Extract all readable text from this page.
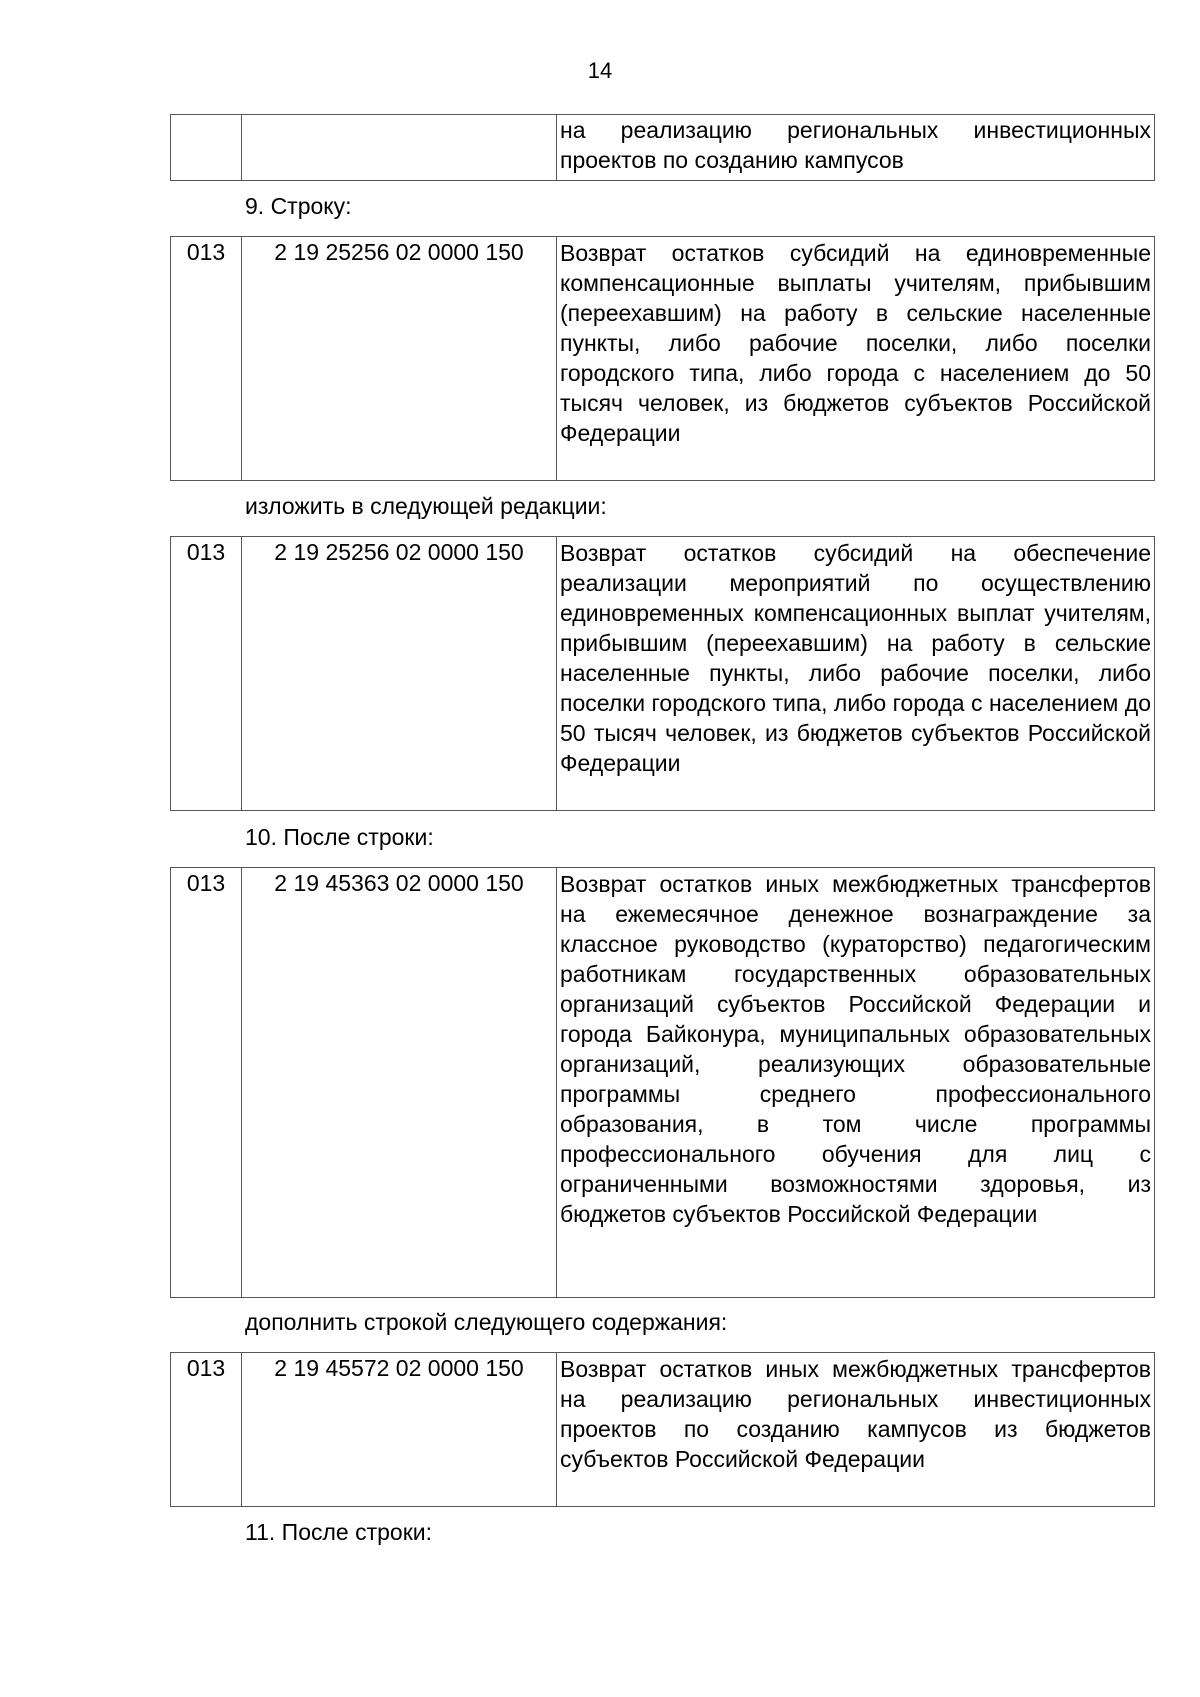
14
		на реализацию региональных инвестиционных проектов по созданию кампусов
9. Строку:
013	2 19 25256 02 0000 150	Возврат остатков субсидий на единовременные компенсационные выплаты учителям, прибывшим (переехавшим) на работу в сельские населенные пункты, либо рабочие поселки, либо поселки городского типа, либо города с населением до 50 тысяч человек, из бюджетов субъектов Российской Федерации
изложить в следующей редакции:
013	2 19 25256 02 0000 150	Возврат остатков субсидий на обеспечение реализации мероприятий по осуществлению единовременных компенсационных выплат учителям, прибывшим (переехавшим) на работу в сельские населенные пункты, либо рабочие поселки, либо поселки городского типа, либо города с населением до 50 тысяч человек, из бюджетов субъектов Российской Федерации
10. После строки:
013	2 19 45363 02 0000 150	Возврат остатков иных межбюджетных трансфертов на ежемесячное денежное вознаграждение за классное руководство (кураторство) педагогическим работникам государственных образовательных организаций субъектов Российской Федерации и города Байконура, муниципальных образовательных организаций, реализующих образовательные программы среднего профессионального образования, в том числе программы профессионального обучения для лиц с ограниченными возможностями здоровья, из бюджетов субъектов Российской Федерации
дополнить строкой следующего содержания:
013	2 19 45572 02 0000 150	Возврат остатков иных межбюджетных трансфертов на реализацию региональных инвестиционных проектов по созданию кампусов из бюджетов субъектов Российской Федерации
11. После строки:
